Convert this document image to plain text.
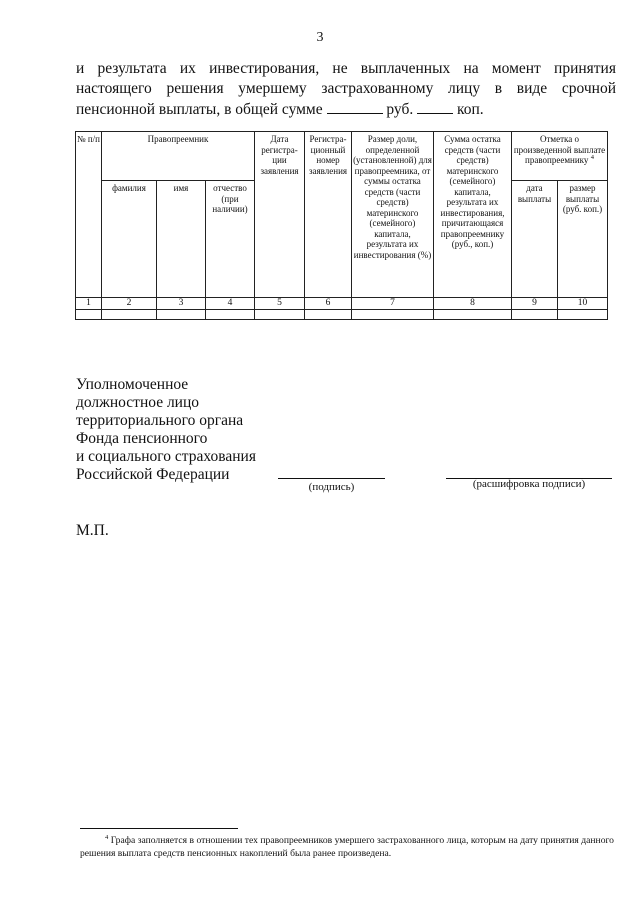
3
и результата их инвестирования, не выплаченных на момент принятия настоящего решения умершему застрахованному лицу в виде срочной пенсионной выплаты, в общей сумме	руб.	коп.
№ п/п	Правопреемник			Дата регистра- ции заявления	Регистра- ционный номер заявления	Размер доли, определенной (установленной) для правопреемника, от суммы остатка средств (части средств) материнского (семейного) капитала, результата их инвестирования (%)	Сумма остатка средств (части средств) материнского (семейного) капитала, результата их инвестирования, причитающаяся правопреемнику (руб., коп.)	Отметка о произведенной выплате правопреемнику $^4$
	фамилия	имя	отчество (при наличии)					дата выплаты	размер выплаты (руб. коп.)
1	2	3	4	5	6	7	8	9	10

Уполномоченное
должностное лицо
территориального органа
Фонда пенсионного
и социального страхования
Российской Федерации
(подпись)	(расшифровка подписи)
М.П.
$^4$ Графа заполняется в отношении тех правопреемников умершего застрахованного лица, которым на дату принятия данного решения выплата средств пенсионных накоплений была ранее произведена.
